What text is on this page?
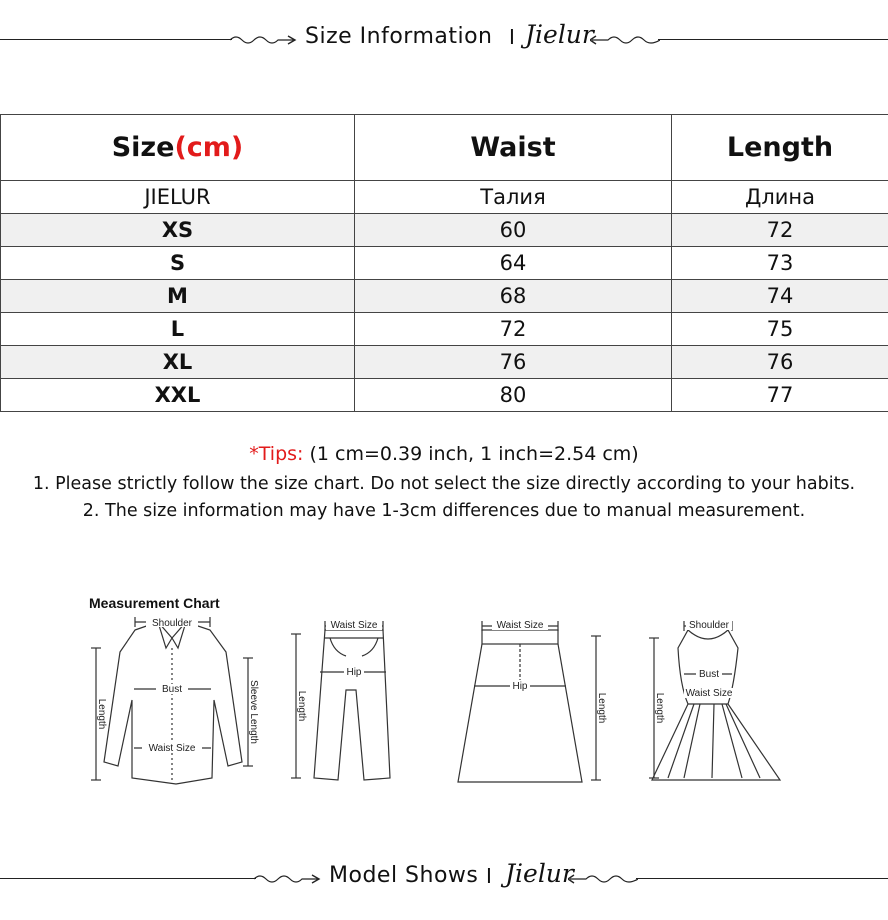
Size Information I Jielur
Size(cm)	Waist	Length
JIELUR	Талия	Длина
XS	60	72
S	64	73
M	68	74
L	72	75
XL	76	76
XXL	80	77
*Tips: (1 cm=0.39 inch, 1 inch=2.54 cm)
1. Please strictly follow the size chart. Do not select the size directly according to your habits.
2. The size information may have 1-3cm differences due to manual measurement.
Measurement Chart
Shoulder
Bust
Waist Size
Length	Sleeve Length
Waist Size
Hip
Length
Waist Size
Hip
Length
Shoulder
Bust
Waist Size
Length
Model Shows I Jielur
